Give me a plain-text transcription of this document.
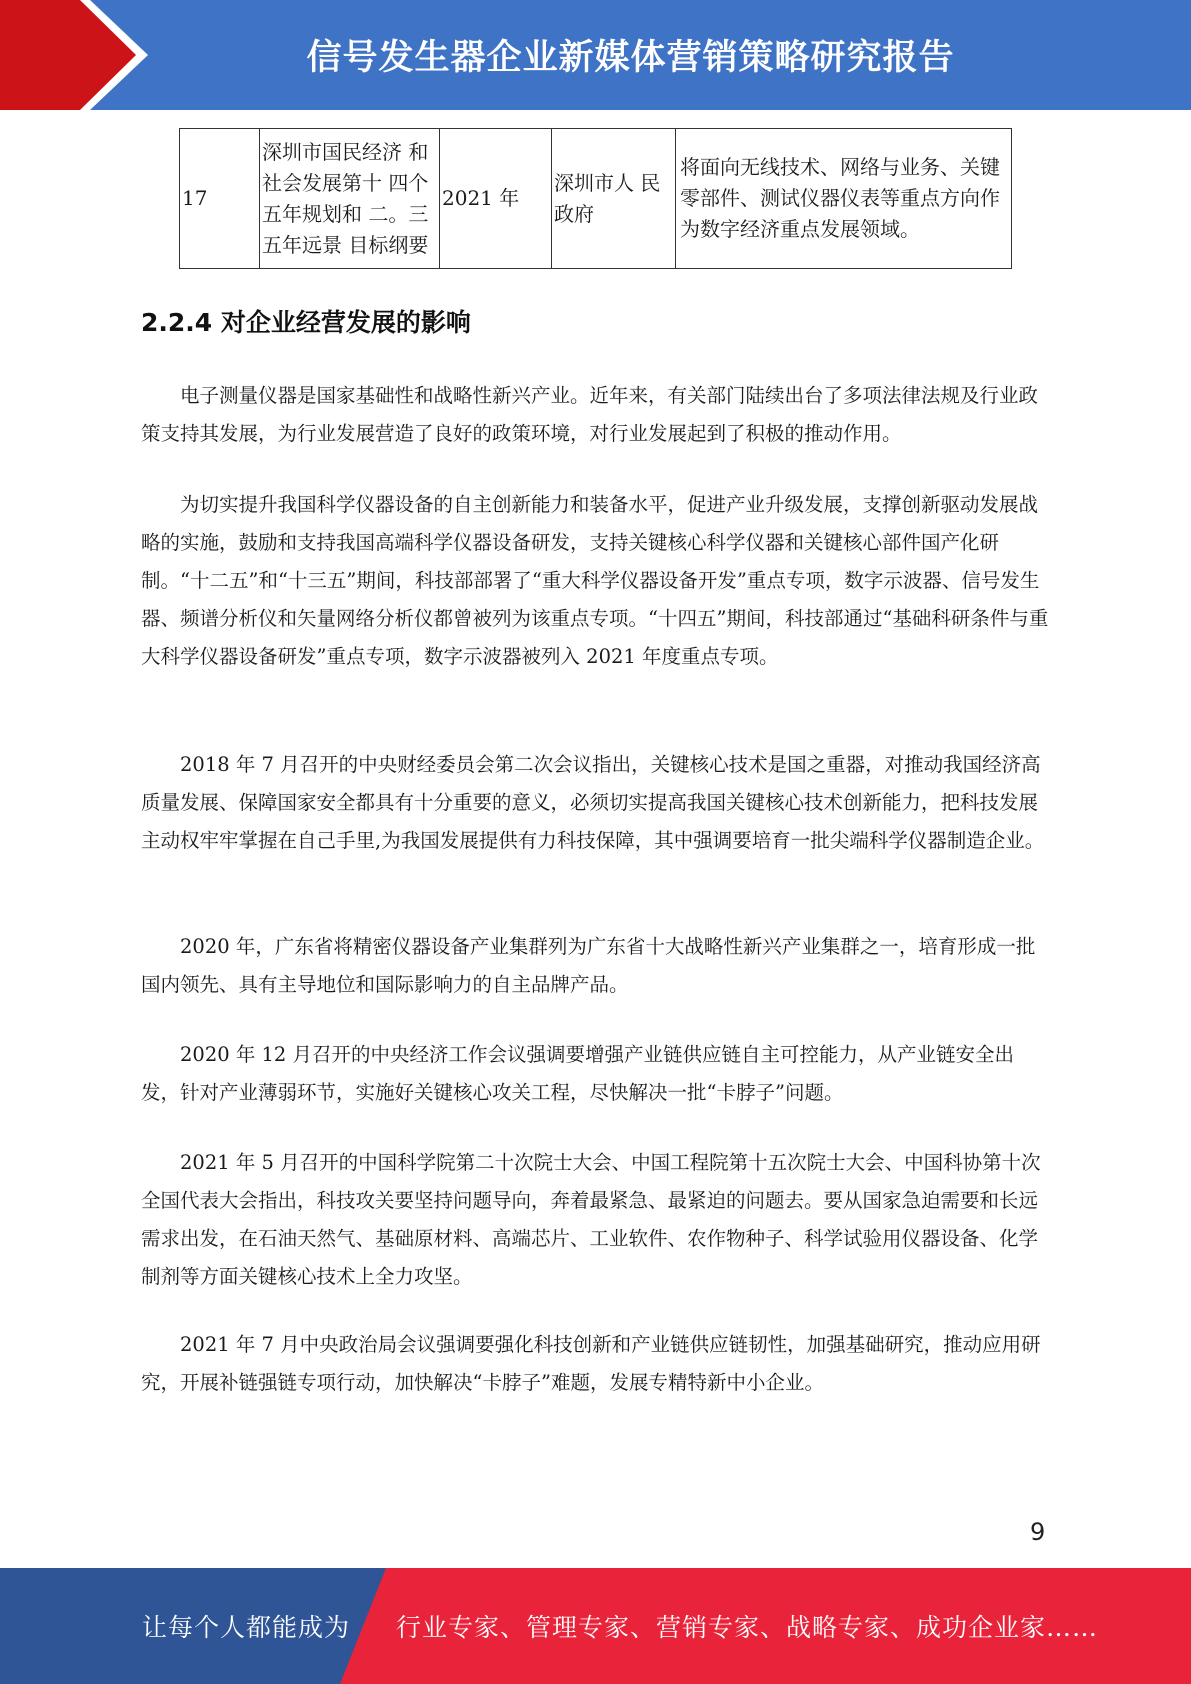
信号发生器企业新媒体营销策略研究报告
17	深圳市国民经济 和社会发展第十 四个五年规划和 二。三五年远景 目标纲要	2021 年	深圳市人 民政府	将面向无线技术、网络与业务、关键零部件、测试仪器仪表等重点方向作为数字经济重点发展领域。
2.2.4 对企业经营发展的影响

电子测量仪器是国家基础性和战略性新兴产业。近年来，有关部门陆续出台了多项法律法规及行业政策支持其发展，为行业发展营造了良好的政策环境，对行业发展起到了积极的推动作用。

为切实提升我国科学仪器设备的自主创新能力和装备水平，促进产业升级发展，支撑创新驱动发展战略的实施，鼓励和支持我国高端科学仪器设备研发，支持关键核心科学仪器和关键核心部件国产化研制。“十二五”和“十三五”期间，科技部部署了“重大科学仪器设备开发”重点专项，数字示波器、信号发生器、频谱分析仪和矢量网络分析仪都曾被列为该重点专项。“十四五”期间，科技部通过“基础科研条件与重大科学仪器设备研发”重点专项，数字示波器被列入 2021 年度重点专项。

2018 年 7 月召开的中央财经委员会第二次会议指出，关键核心技术是国之重器，对推动我国经济高质量发展、保障国家安全都具有十分重要的意义，必须切实提高我国关键核心技术创新能力，把科技发展主动权牢牢掌握在自己手里,为我国发展提供有力科技保障，其中强调要培育一批尖端科学仪器制造企业。

2020 年，广东省将精密仪器设备产业集群列为广东省十大战略性新兴产业集群之一，培育形成一批国内领先、具有主导地位和国际影响力的自主品牌产品。

2020 年 12 月召开的中央经济工作会议强调要增强产业链供应链自主可控能力，从产业链安全出发，针对产业薄弱环节，实施好关键核心攻关工程，尽快解决一批“卡脖子”问题。

2021 年 5 月召开的中国科学院第二十次院士大会、中国工程院第十五次院士大会、中国科协第十次全国代表大会指出，科技攻关要坚持问题导向，奔着最紧急、最紧迫的问题去。要从国家急迫需要和长远需求出发，在石油天然气、基础原材料、高端芯片、工业软件、农作物种子、科学试验用仪器设备、化学制剂等方面关键核心技术上全力攻坚。

2021 年 7 月中央政治局会议强调要强化科技创新和产业链供应链韧性，加强基础研究，推动应用研究，开展补链强链专项行动，加快解决“卡脖子”难题，发展专精特新中小企业。

9
让每个人都能成为 行业专家、管理专家、营销专家、战略专家、成功企业家……
